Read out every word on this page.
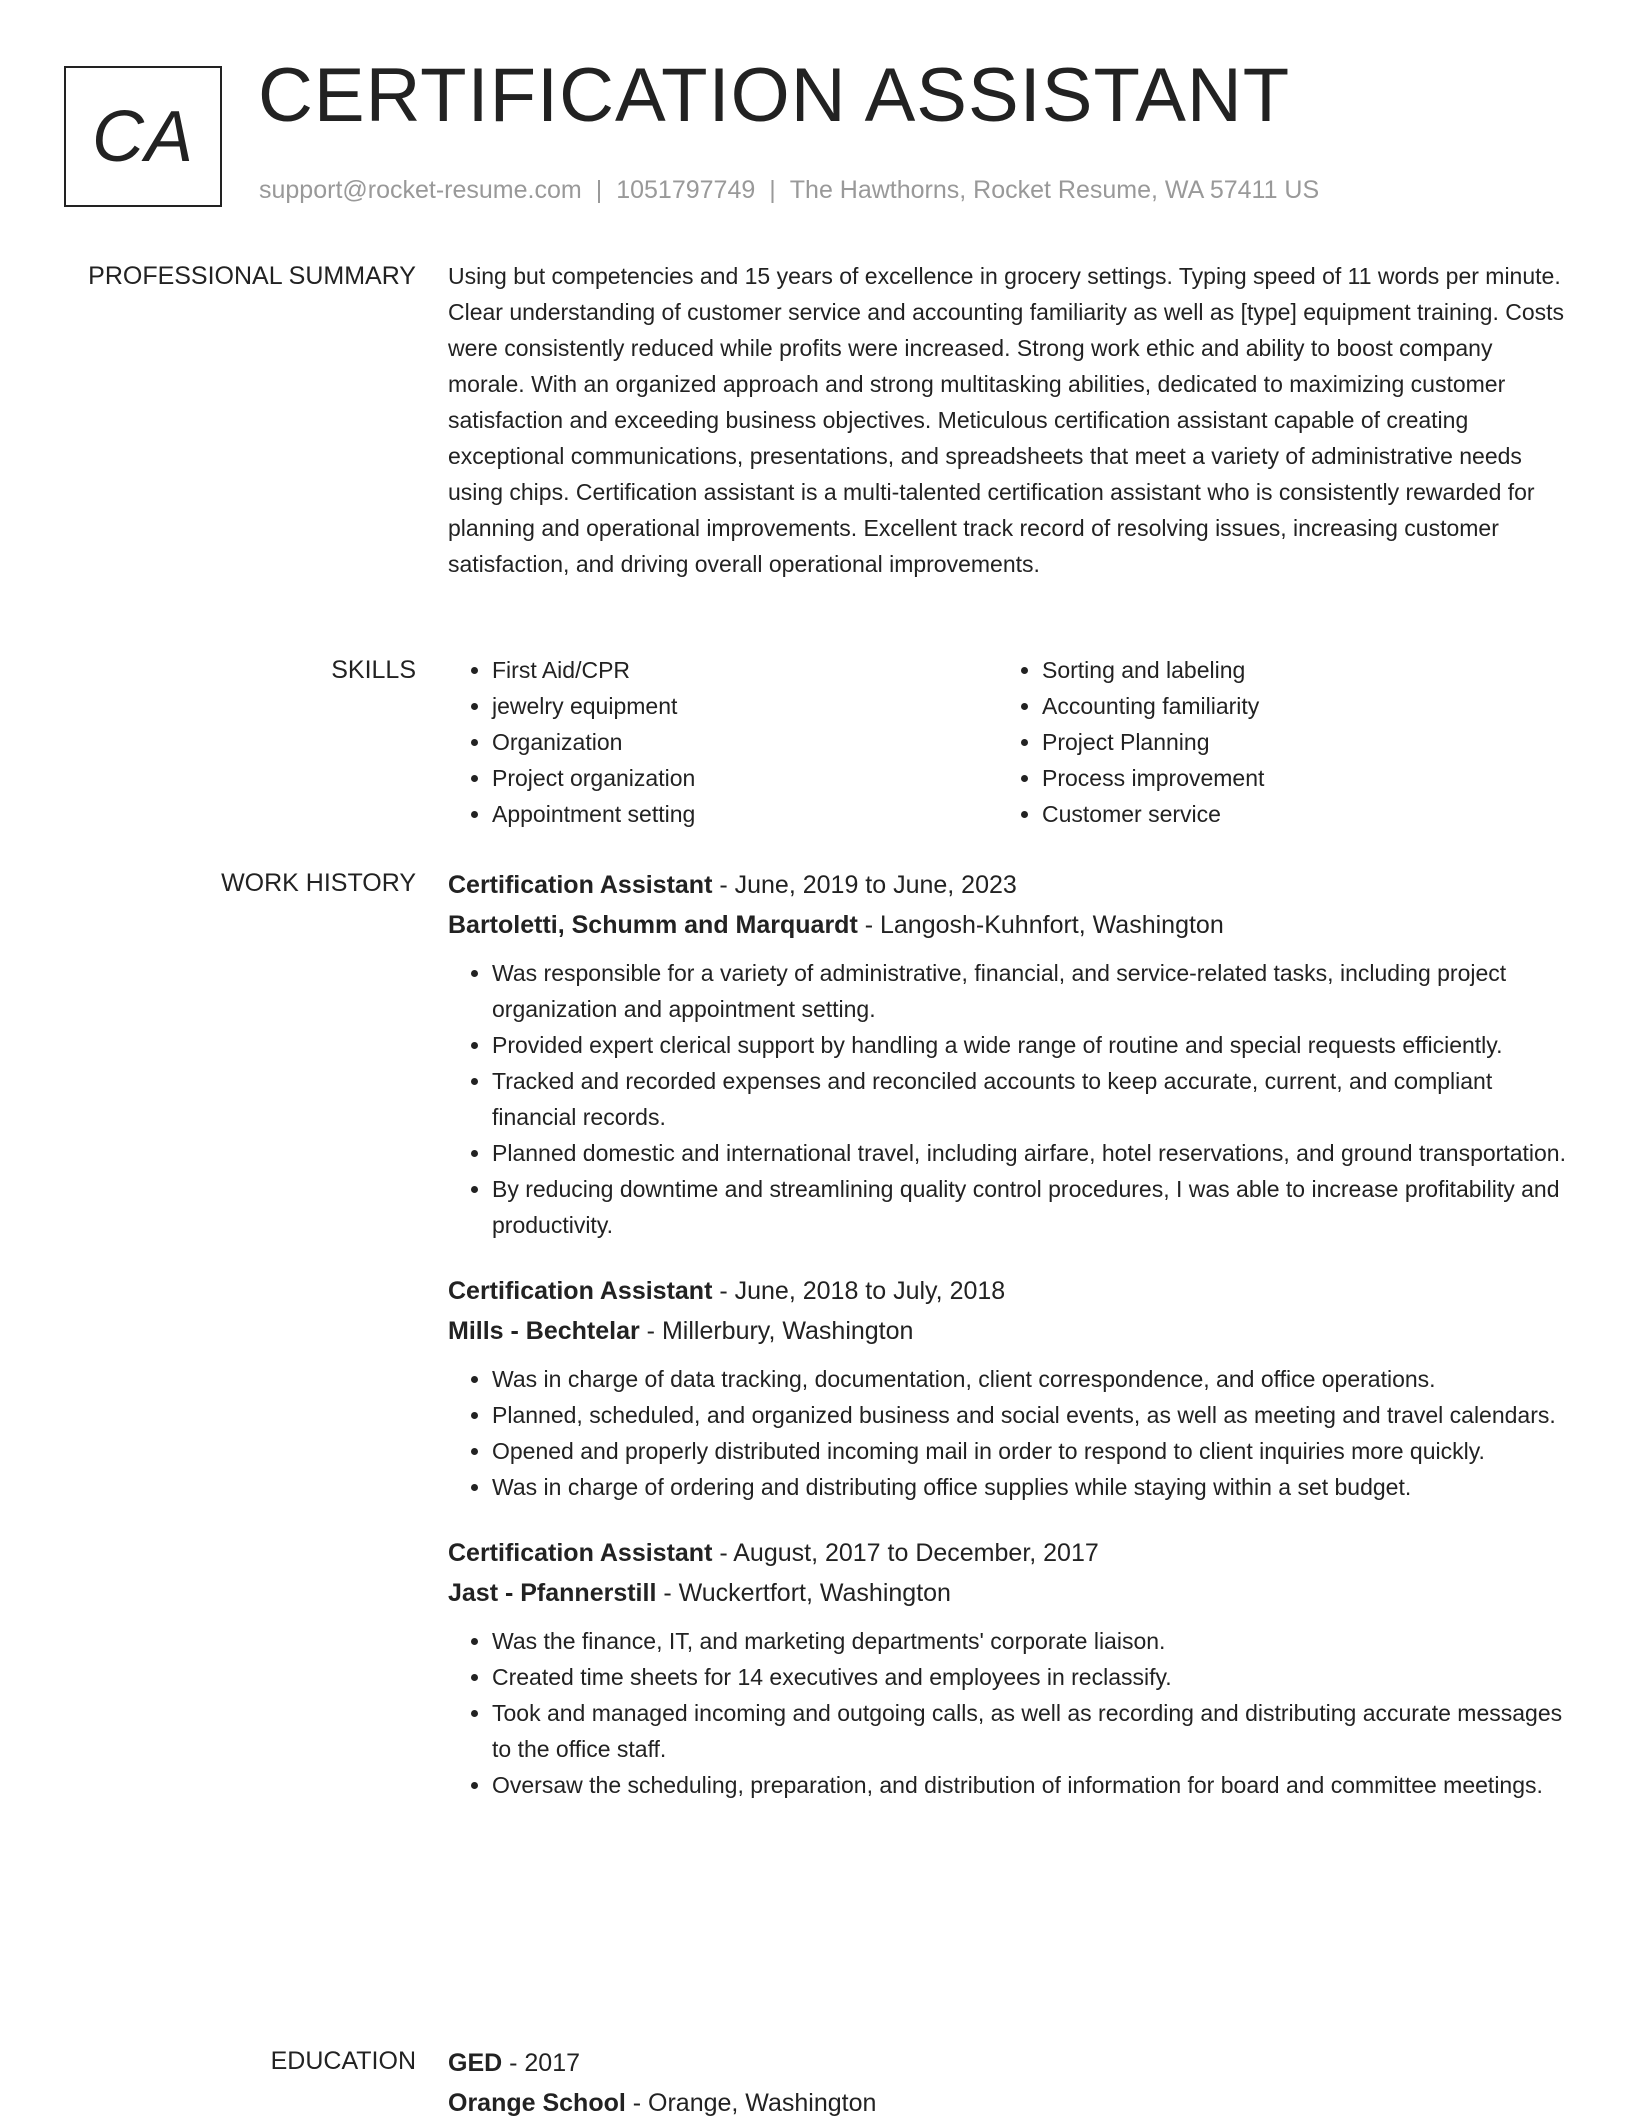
CA CERTIFICATION ASSISTANT
support@rocket-resume.com | 1051797749 | The Hawthorns, Rocket Resume, WA 57411 US
PROFESSIONAL SUMMARY Using but competencies and 15 years of excellence in grocery settings. Typing speed of 11 words per minute. Clear understanding of customer service and accounting familiarity as well as [type] equipment training. Costs were consistently reduced while profits were increased. Strong work ethic and ability to boost company morale. With an organized approach and strong multitasking abilities, dedicated to maximizing customer satisfaction and exceeding business objectives. Meticulous certification assistant capable of creating exceptional communications, presentations, and spreadsheets that meet a variety of administrative needs using chips. Certification assistant is a multi-talented certification assistant who is consistently rewarded for planning and operational improvements. Excellent track record of resolving issues, increasing customer satisfaction, and driving overall operational improvements.

SKILLS
•	First Aid/CPR
• jewelry equipment
• Organization
• Project organization
• Appointment setting
• Sorting and labeling
• Accounting familiarity
• Project Planning
• Process improvement
• Customer service
WORK HISTORY Certification Assistant - June, 2019 to June, 2023
Bartoletti, Schumm and Marquardt - Langosh-Kuhnfort, Washington
• Was responsible for a variety of administrative, financial, and service-related tasks, including project organization and appointment setting.
• Provided expert clerical support by handling a wide range of routine and special requests efficiently.
• Tracked and recorded expenses and reconciled accounts to keep accurate, current, and compliant financial records.
• Planned domestic and international travel, including airfare, hotel reservations, and ground transportation.
• By reducing downtime and streamlining quality control procedures, I was able to increase profitability and productivity.
Certification Assistant - June, 2018 to July, 2018
Mills - Bechtelar - Millerbury, Washington
• Was in charge of data tracking, documentation, client correspondence, and office operations.
• Planned, scheduled, and organized business and social events, as well as meeting and travel calendars.
• Opened and properly distributed incoming mail in order to respond to client inquiries more quickly.
• Was in charge of ordering and distributing office supplies while staying within a set budget.
Certification Assistant - August, 2017 to December, 2017
Jast - Pfannerstill - Wuckertfort, Washington
• Was the finance, IT, and marketing departments' corporate liaison.
• Created time sheets for 14 executives and employees in reclassify.
• Took and managed incoming and outgoing calls, as well as recording and distributing accurate messages to the office staff.
• Oversaw the scheduling, preparation, and distribution of information for board and committee meetings.
EDUCATION GED - 2017
Orange School - Orange, Washington
